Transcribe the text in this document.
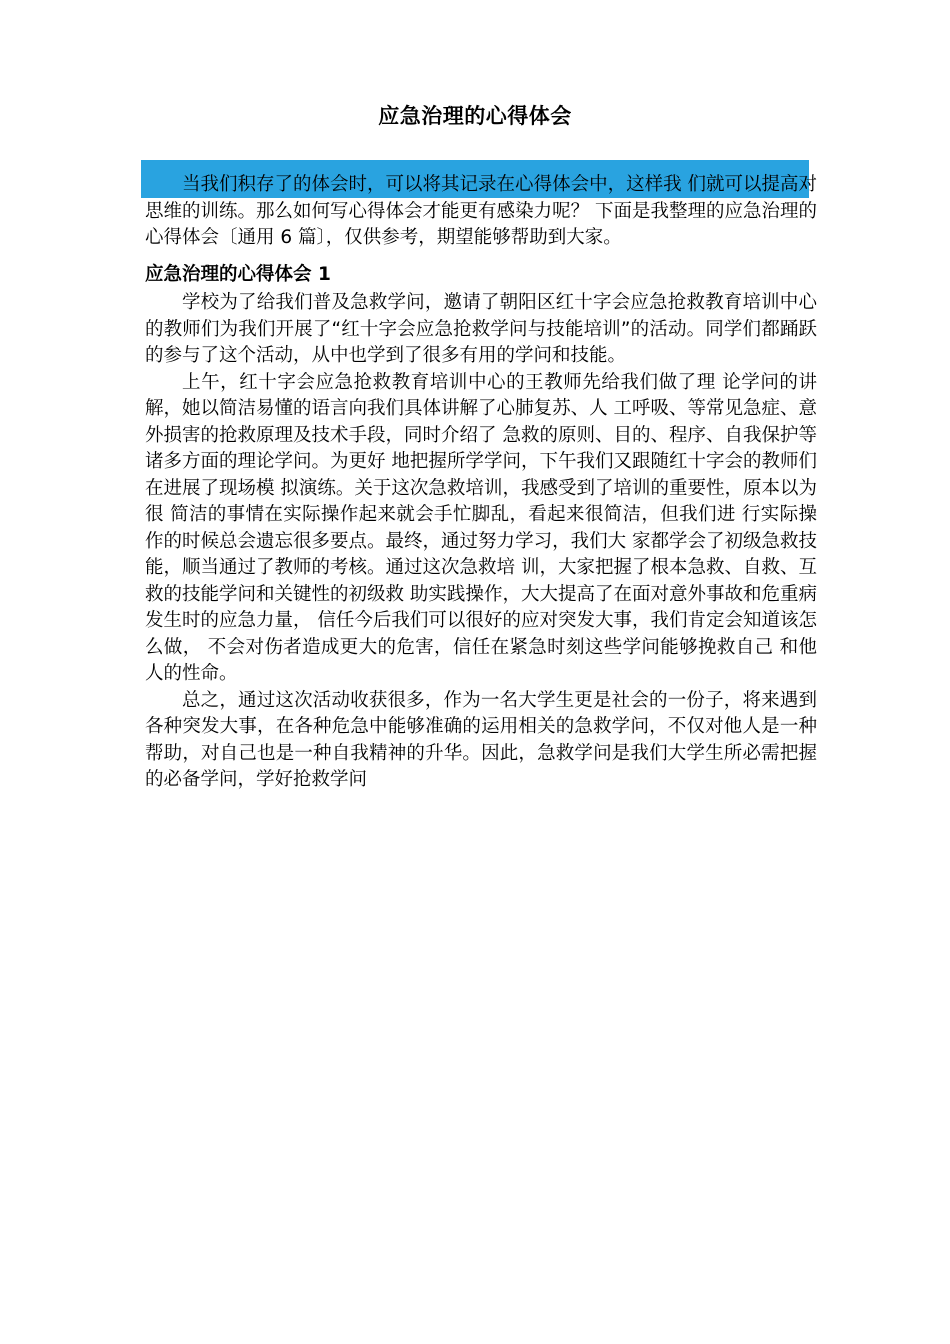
应急治理的心得体会

当我们积存了的体会时，可以将其记录在心得体会中，这样我 们就可以提高对思维的训练。那么如何写心得体会才能更有感染力呢？ 下面是我整理的应急治理的心得体会〔通用 6 篇〕，仅供参考，期望能够帮助到大家。

应急治理的心得体会 1

学校为了给我们普及急救学问，邀请了朝阳区红十字会应急抢救教育培训中心的教师们为我们开展了“红十字会应急抢救学问与技能培训”的活动。同学们都踊跃的参与了这个活动，从中也学到了很多有用的学问和技能。

上午，红十字会应急抢救教育培训中心的王教师先给我们做了理 论学问的讲解，她以简洁易懂的语言向我们具体讲解了心肺复苏、人 工呼吸、等常见急症、意外损害的抢救原理及技术手段，同时介绍了 急救的原则、目的、程序、自我保护等诸多方面的理论学问。为更好 地把握所学学问，下午我们又跟随红十字会的教师们在进展了现场模 拟演练。关于这次急救培训，我感受到了培训的重要性，原本以为很 简洁的事情在实际操作起来就会手忙脚乱，看起来很简洁，但我们进 行实际操作的时候总会遗忘很多要点。最终，通过努力学习，我们大 家都学会了初级急救技能，顺当通过了教师的考核。通过这次急救培 训，大家把握了根本急救、自救、互救的技能学问和关键性的初级救 助实践操作，大大提高了在面对意外事故和危重病发生时的应急力量， 信任今后我们可以很好的应对突发大事，我们肯定会知道该怎么做， 不会对伤者造成更大的危害，信任在紧急时刻这些学问能够挽救自己 和他人的性命。

总之，通过这次活动收获很多，作为一名大学生更是社会的一份子，将来遇到各种突发大事，在各种危急中能够准确的运用相关的急救学问，不仅对他人是一种帮助，对自己也是一种自我精神的升华。因此，急救学问是我们大学生所必需把握的必备学问，学好抢救学问
